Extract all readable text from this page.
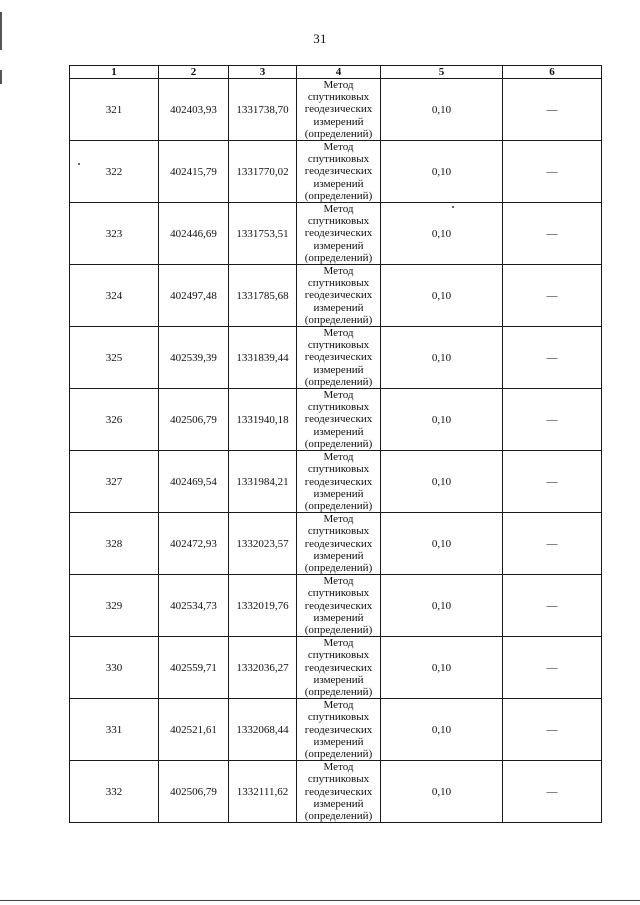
31
1	2	3	4	5	6
321	402403,93	1331738,70	Метод
спутниковых
геодезических
измерений
(определений)	0,10	—
322	402415,79	1331770,02	Метод
спутниковых
геодезических
измерений
(определений)	0,10	—
323	402446,69	1331753,51	Метод
спутниковых
геодезических
измерений
(определений)	0,10	—
324	402497,48	1331785,68	Метод
спутниковых
геодезических
измерений
(определений)	0,10	—
325	402539,39	1331839,44	Метод
спутниковых
геодезических
измерений
(определений)	0,10	—
326	402506,79	1331940,18	Метод
спутниковых
геодезических
измерений
(определений)	0,10	—
327	402469,54	1331984,21	Метод
спутниковых
геодезических
измерений
(определений)	0,10	—
328	402472,93	1332023,57	Метод
спутниковых
геодезических
измерений
(определений)	0,10	—
329	402534,73	1332019,76	Метод
спутниковых
геодезических
измерений
(определений)	0,10	—
330	402559,71	1332036,27	Метод
спутниковых
геодезических
измерений
(определений)	0,10	—
331	402521,61	1332068,44	Метод
спутниковых
геодезических
измерений
(определений)	0,10	—
332	402506,79	1332111,62	Метод
спутниковых
геодезических
измерений
(определений)	0,10	—
